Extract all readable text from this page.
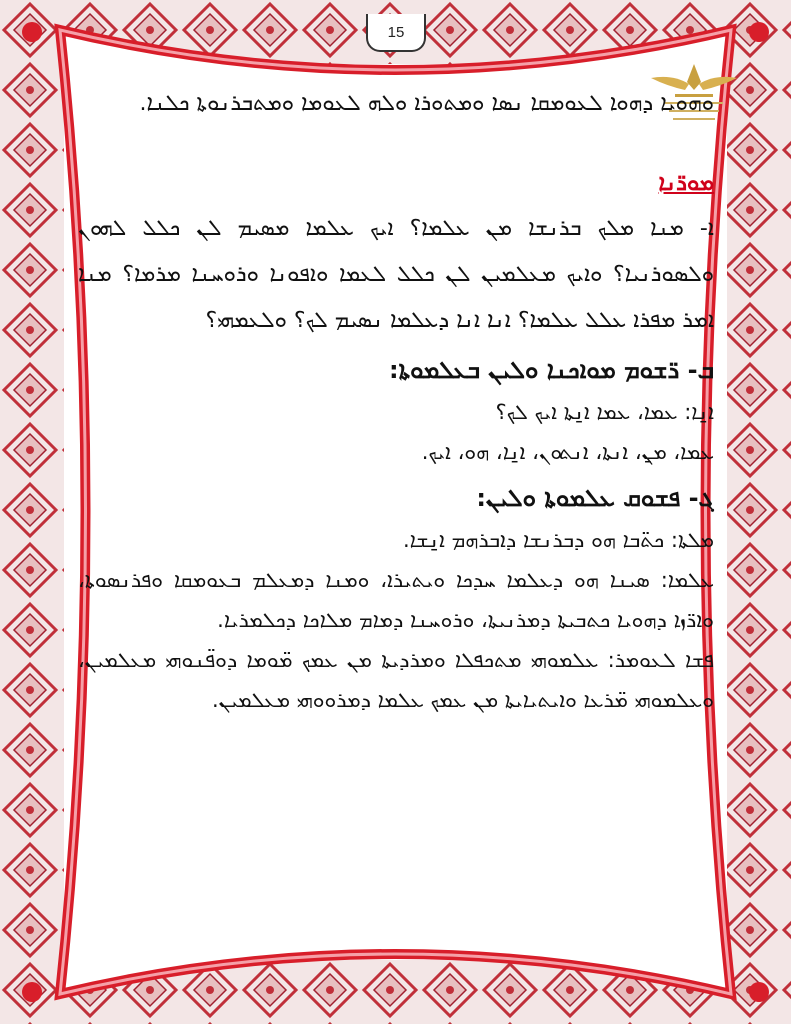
15

ܘܗܘܝܐ ܕܗܘܐ ܠܥܘܡܩܐ ܢܣܐ ܘܡܬܘܪܐ ܘܠܗ ܠܥܘܡܐ ܘܡܬܒܪܢܘܬܐ ܟܠܢܐ.

ܡܘܪ̈ܢܐ

ܐ- ܡܢܐ ܡܠܟ ܒܪܢܫܐ ܡܢ ܥܠܡܐ؟ ܐܝܟ ܥܠܡܐ ܡܣܝܡ ܠܢ ܟܠܠ ܠܗܘܢ ܘܠܣܘܪܢܝܐ؟ ܘܐܝܟ ܡܥܠܡܝܢ ܠܢ ܟܠܠ ܠܥܡܐ ܘܐܦܘܢܐ ܘܪܘܚܢܐ ܡܪܡܐ؟ ܡܢܐ ܐܡܪ ܡܦܪܐ ܥܠܠ ܥܠܡܐ؟ ܐܢܐ ܐܢܐ ܕܥܠܡܐ ܢܣܝܡ ܠܟ؟ ܘܠܥܡܗܝ؟

ܒ- ܪ̈ܫܘܡ ܡܘܐܟܢܐ ܘܠܝܢ ܒܥܠܡܘܬܐ:

ܐ̱ܢܐ: ܥܡܐ، ܥܡܐ ܐ̱ܢܬܐ ܐܝܟ ܠܟ؟

ܥܡܐ، ܡ̱ܢ، ܐܢܬܐ، ܐܢܬܘܢ، ܐ̱ܢܐ، ܗܘ، ܐܝܟ.

ܓ- ܦܫܘܩ ܥܠܡܘܬܐ ܘܠܝܢ:

ܡܠܬܐ: ܟܬ̈ܒܐ ܗܘ ܕܒܪܢܫܐ ܕܐܒܪܗܡ ܐ̱ܢܫܐ.

ܥܠܡܐ: ܣܝܢܐ ܗܘ ܕܥܠܡܐ ܚܕܟܐ ܘܝܬܝܪܐ، ܘܡܢܐ ܕܡܥܠܡ ܒܥܘܡܩܐ ܘܦܪܢܣܘܬܐ، ܘܐܪ̈ܙܐ ܕܗܘܝܐ ܟܬܒܝܬܐ ܕܡܪܢܝܬܐ، ܘܪܘܚܢܐ ܕܡܐܡ ܡܠܐܟܐ ܕܟܠܡܪܝܐ.

ܦܫܐ ܠܥܘܡܪ: ܥܠܡܘܗܝ ܡܬܟܦܠܐ ܘܡܪܕܝܬܐ ܡܢ ܥܡܟ ܡ̈ܘܡܐ ܕܘܦ̈ܢܘܗܝ ܡܥܠܡܝܢ، ܘܥܠܡܘܗܝ ܡ̈ܪܥܐ ܘܐܝܬܝܐܝܬܐ ܡܢ ܥܡܟ ܥܠܡܐ ܕܡܪܘܘܗܝ ܡܥܠܡܝܢ.
